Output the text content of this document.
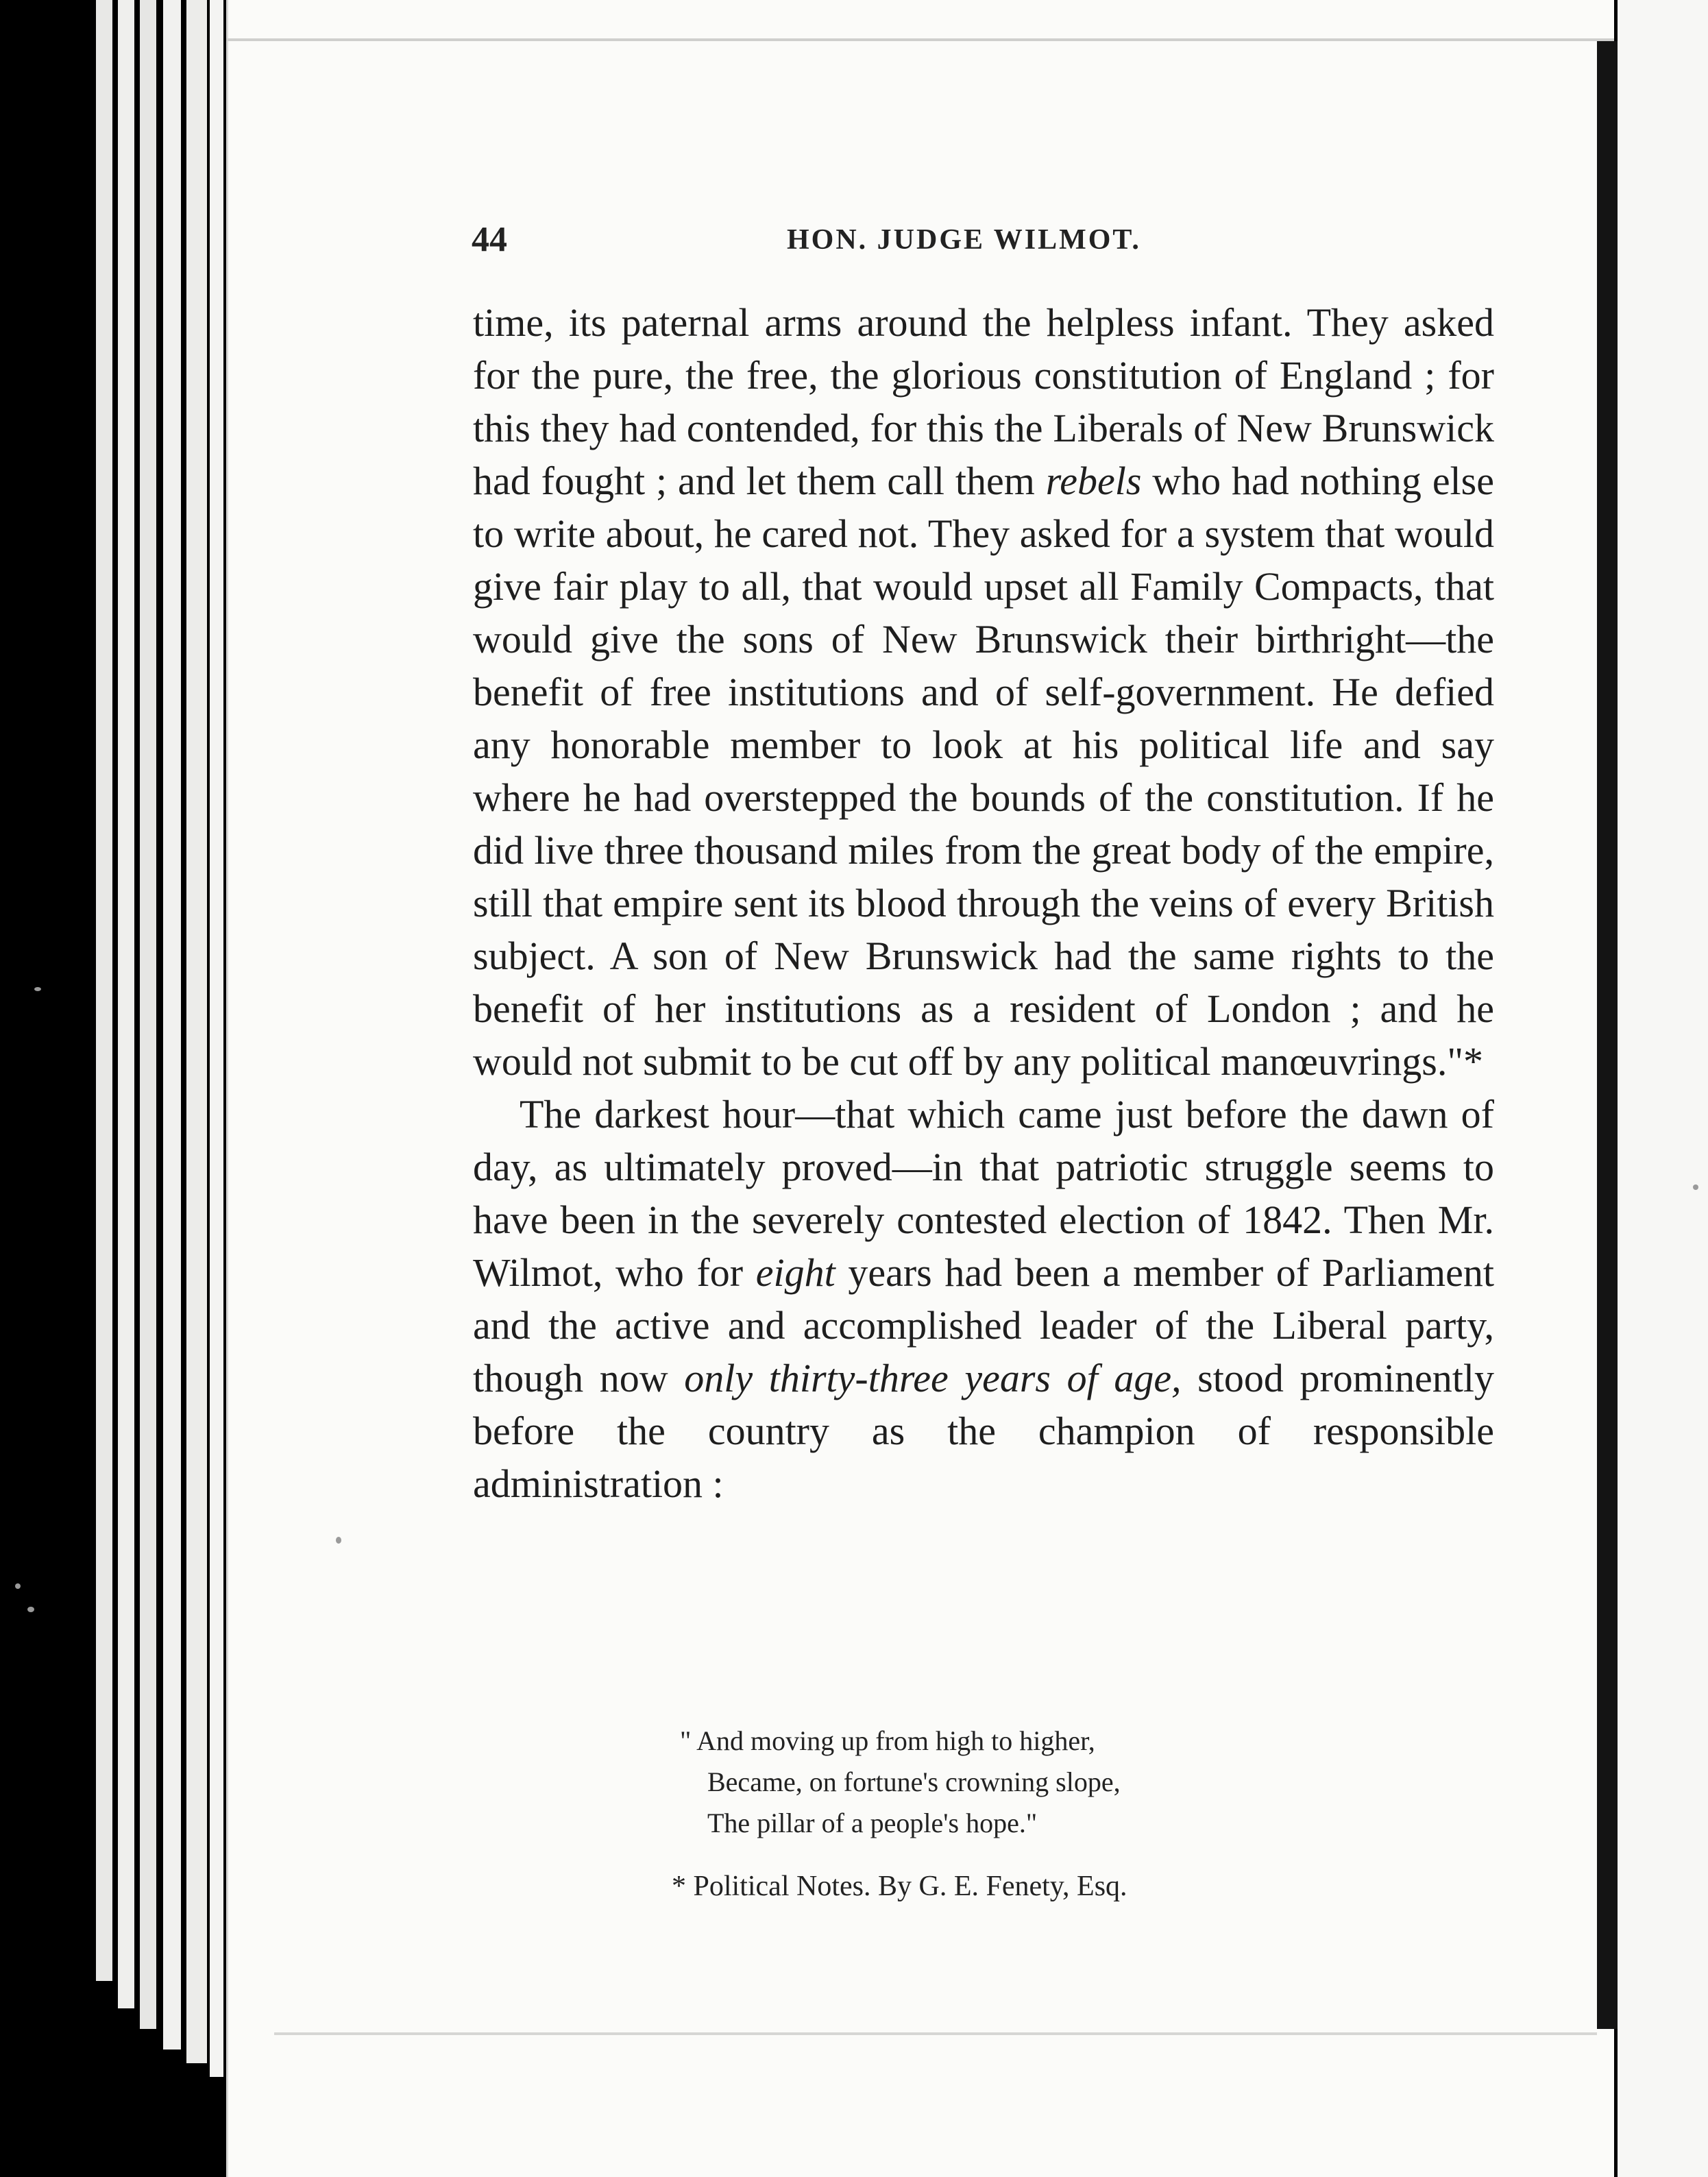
44	HON. JUDGE WILMOT.

time, its paternal arms around the helpless infant. They asked for the pure, the free, the glorious constitution of England ; for this they had contended, for this the Liberals of New Brunswick had fought ; and let them call them rebels who had nothing else to write about, he cared not. They asked for a system that would give fair play to all, that would upset all Family Compacts, that would give the sons of New Brunswick their birthright—the benefit of free institutions and of self-government. He defied any honorable member to look at his political life and say where he had overstepped the bounds of the constitution. If he did live three thousand miles from the great body of the empire, still that empire sent its blood through the veins of every British subject. A son of New Brunswick had the same rights to the benefit of her institutions as a resident of London ; and he would not submit to be cut off by any political manœuvrings."*

The darkest hour—that which came just before the dawn of day, as ultimately proved—in that patriotic struggle seems to have been in the severely contested election of 1842. Then Mr. Wilmot, who for eight years had been a member of Parliament and the active and accomplished leader of the Liberal party, though now only thirty-three years of age, stood prominently before the country as the champion of responsible administration :

" And moving up from high to higher,
Became, on fortune's crowning slope,
The pillar of a people's hope."
* Political Notes. By G. E. Fenety, Esq.
